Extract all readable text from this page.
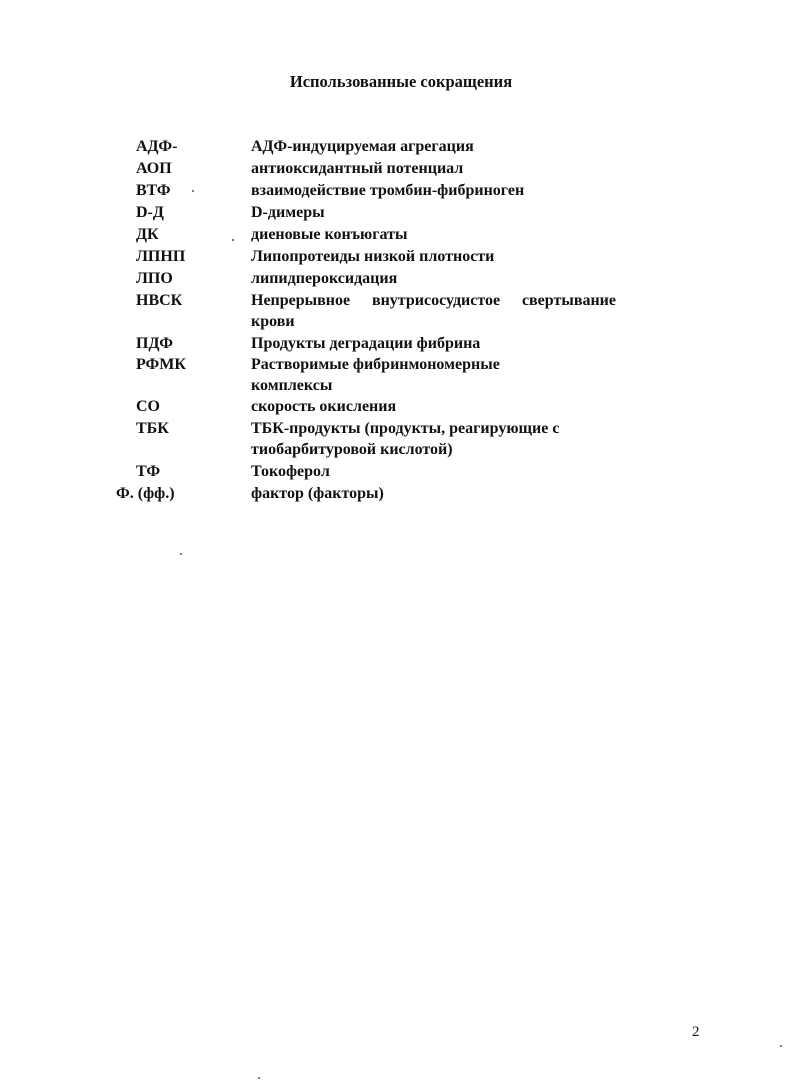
Использованные сокращения
АДФ-	АДФ-индуцируемая агрегация
АОП	антиоксидантный потенциал
ВТФ	взаимодействие тромбин-фибриноген
D-Д	D-димеры
ДК	диеновые конъюгаты
ЛПНП	Липопротеиды низкой плотности
ЛПО	липидпероксидация
НВСК	Непрерывное внутрисосудистое свертывание крови
ПДФ	Продукты деградации фибрина
РФМК	Растворимые фибринмономерные комплексы
СО	скорость окисления
ТБК	ТБК-продукты (продукты, реагирующие с тиобарбитуровой кислотой)
ТФ	Токоферол
Ф. (фф.)	фактор (факторы)
2
